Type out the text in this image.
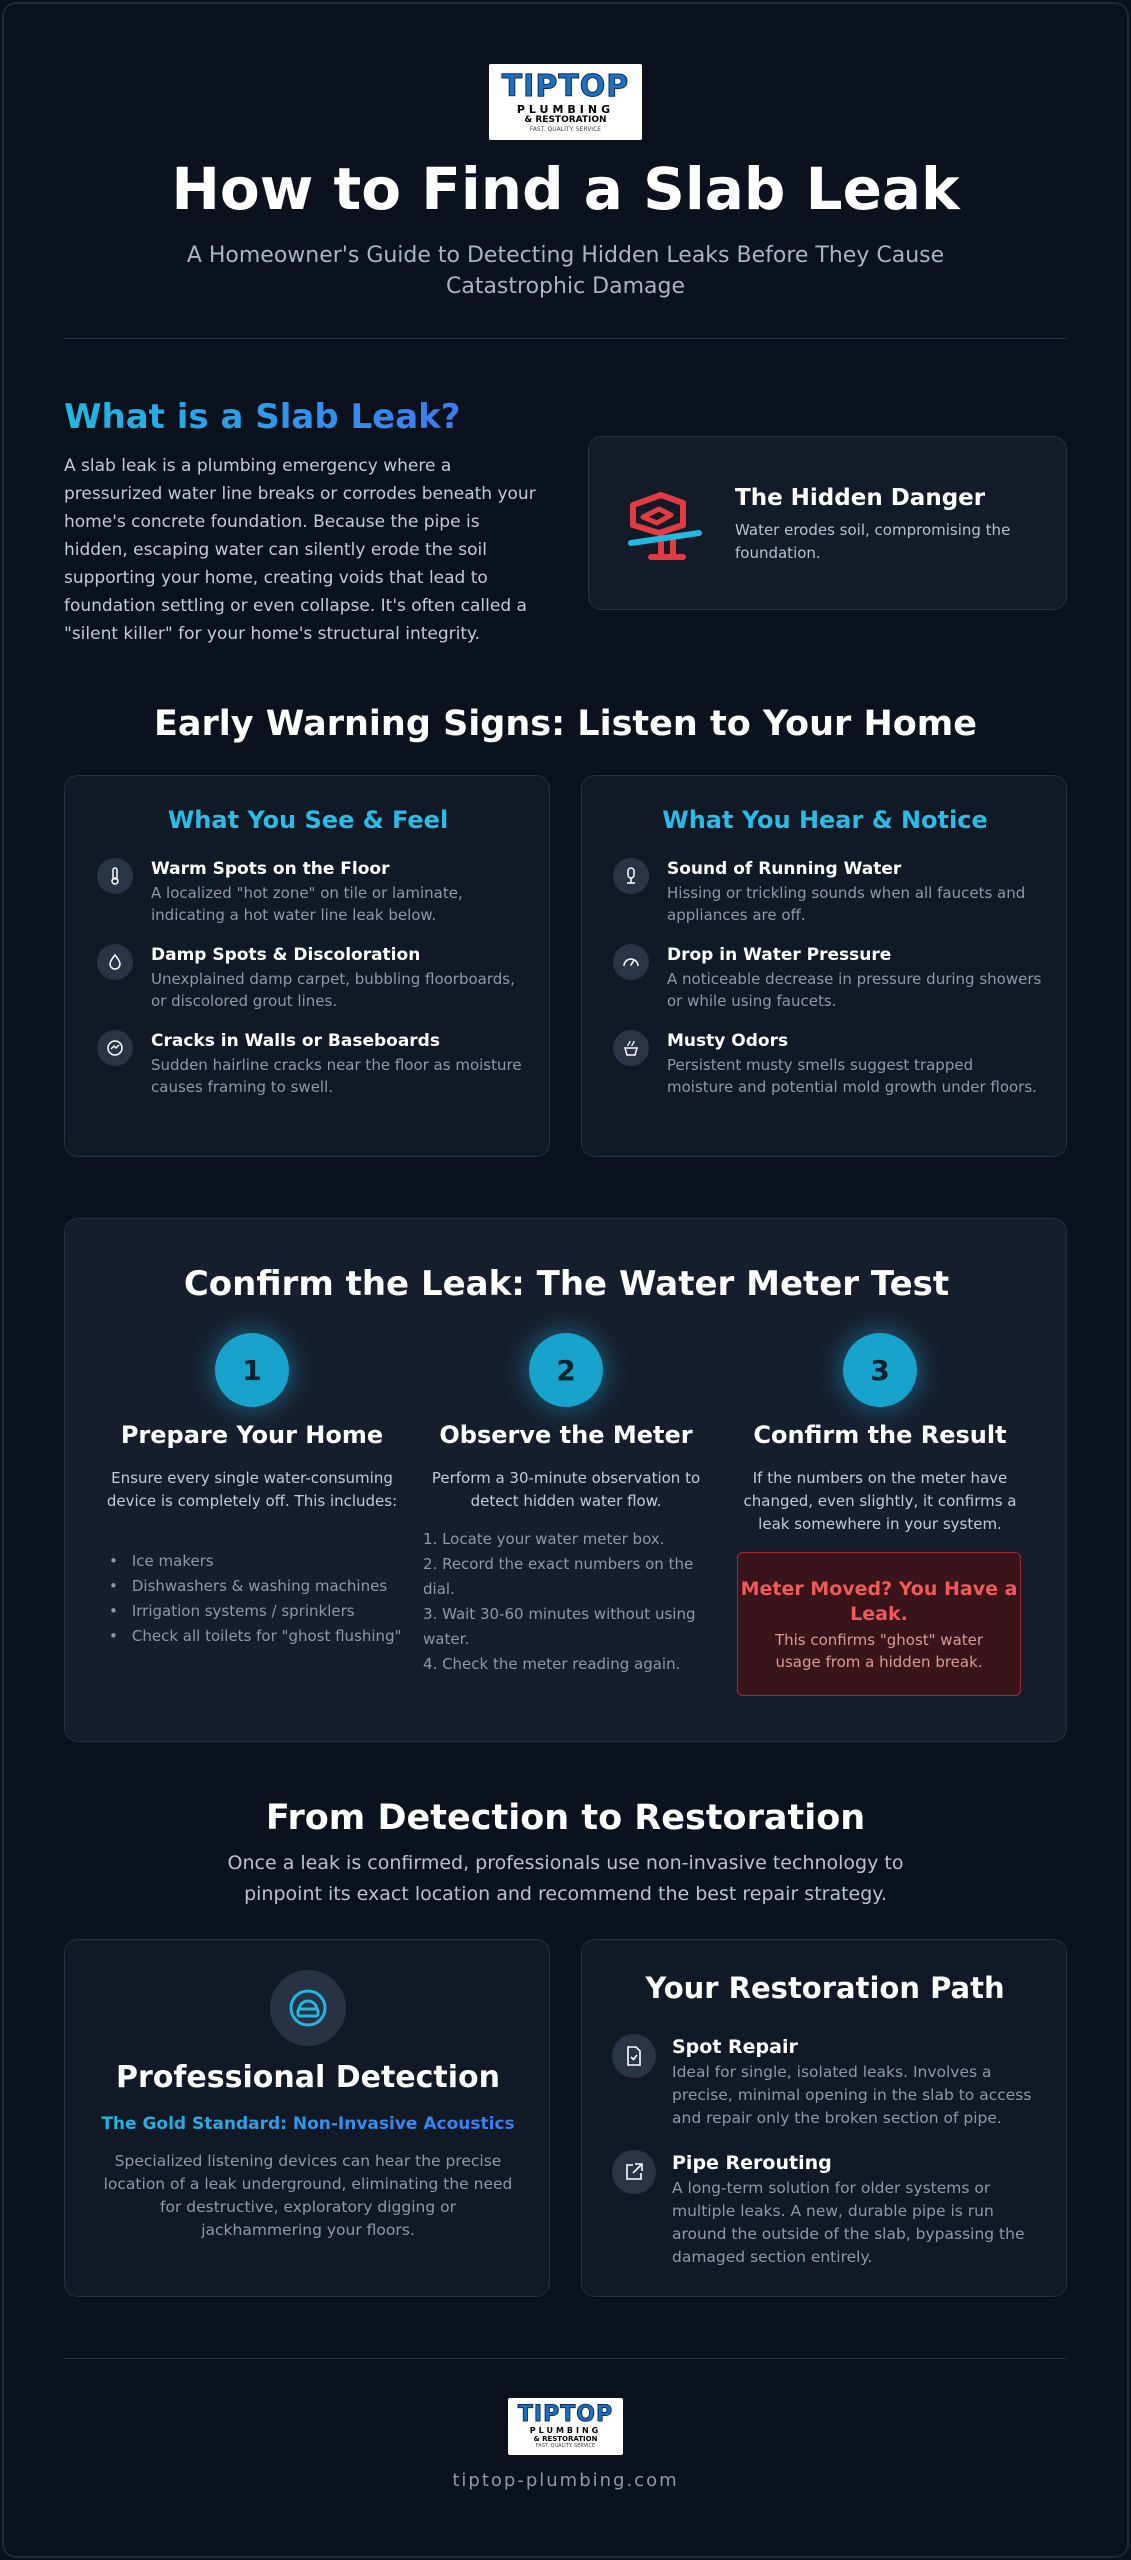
TIPTOP
PLUMBING
& RESTORATION
FAST. QUALITY. SERVICE
How to Find a Slab Leak
A Homeowner's Guide to Detecting Hidden Leaks Before They Cause Catastrophic Damage
What is a Slab Leak?
A slab leak is a plumbing emergency where a pressurized water line breaks or corrodes beneath your home's concrete foundation. Because the pipe is hidden, escaping water can silently erode the soil supporting your home, creating voids that lead to foundation settling or even collapse. It's often called a "silent killer" for your home's structural integrity.
The Hidden Danger
Water erodes soil, compromising the foundation.
Early Warning Signs: Listen to Your Home
What You See & Feel
Warm Spots on the Floor
A localized "hot zone" on tile or laminate, indicating a hot water line leak below.
Damp Spots & Discoloration
Unexplained damp carpet, bubbling floorboards, or discolored grout lines.
Cracks in Walls or Baseboards
Sudden hairline cracks near the floor as moisture causes framing to swell.
What You Hear & Notice
Sound of Running Water
Hissing or trickling sounds when all faucets and appliances are off.
Drop in Water Pressure
A noticeable decrease in pressure during showers or while using faucets.
Musty Odors
Persistent musty smells suggest trapped moisture and potential mold growth under floors.
Confirm the Leak: The Water Meter Test
1
Prepare Your Home
Ensure every single water-consuming device is completely off. This includes:
• Ice makers
• Dishwashers & washing machines
• Irrigation systems / sprinklers
• Check all toilets for "ghost flushing"
2
Observe the Meter
Perform a 30-minute observation to detect hidden water flow.
1. Locate your water meter box.
2. Record the exact numbers on the dial.
3. Wait 30-60 minutes without using water.
4. Check the meter reading again.
3
Confirm the Result
If the numbers on the meter have changed, even slightly, it confirms a leak somewhere in your system.
Meter Moved? You Have a Leak.
This confirms "ghost" water usage from a hidden break.
From Detection to Restoration
Once a leak is confirmed, professionals use non-invasive technology to pinpoint its exact location and recommend the best repair strategy.
Professional Detection
The Gold Standard: Non-Invasive Acoustics
Specialized listening devices can hear the precise location of a leak underground, eliminating the need for destructive, exploratory digging or jackhammering your floors.
Your Restoration Path
Spot Repair
Ideal for single, isolated leaks. Involves a precise, minimal opening in the slab to access and repair only the broken section of pipe.
Pipe Rerouting
A long-term solution for older systems or multiple leaks. A new, durable pipe is run around the outside of the slab, bypassing the damaged section entirely.
TIPTOP
PLUMBING
& RESTORATION
FAST. QUALITY. SERVICE
tiptop-plumbing.com
